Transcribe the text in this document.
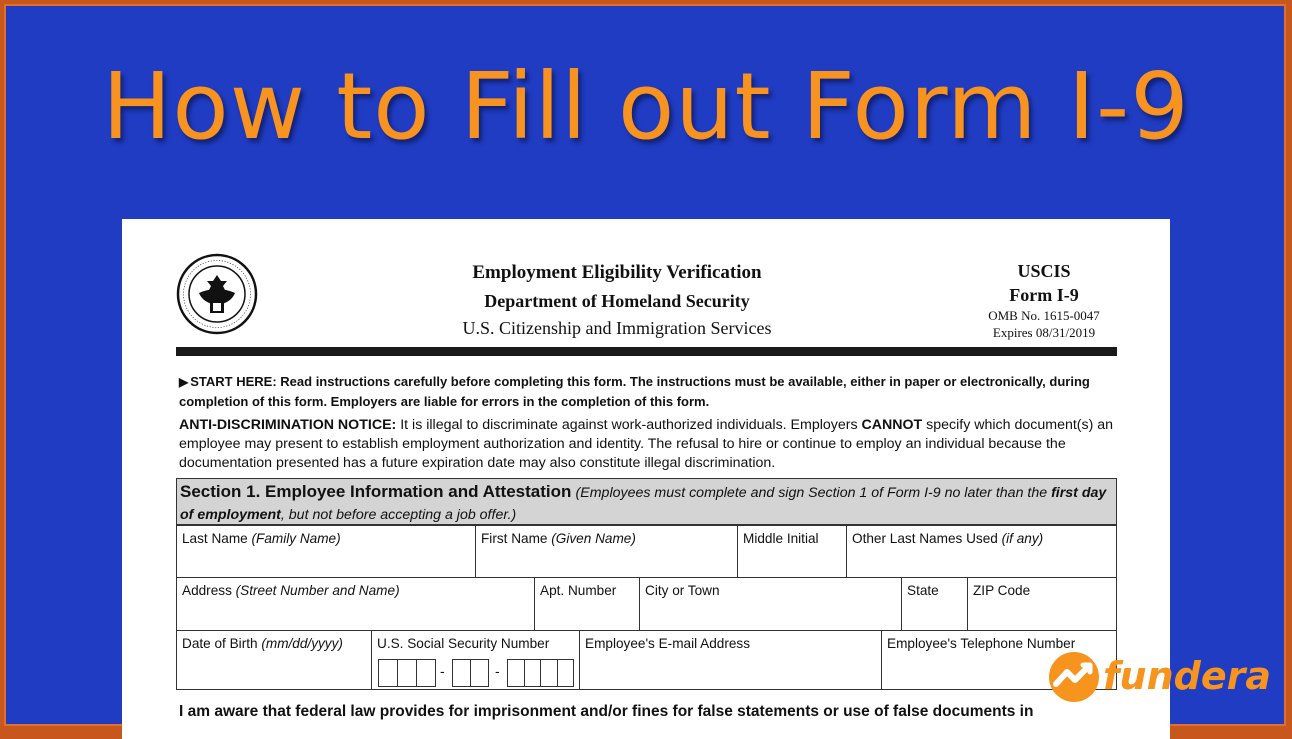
How to Fill out Form I-9
Employment Eligibility Verification
Department of Homeland Security
U.S. Citizenship and Immigration Services
USCIS
Form I-9
OMB No. 1615-0047
Expires 08/31/2019
▶ START HERE: Read instructions carefully before completing this form. The instructions must be available, either in paper or electronically, during completion of this form. Employers are liable for errors in the completion of this form.
ANTI-DISCRIMINATION NOTICE: It is illegal to discriminate against work-authorized individuals. Employers CANNOT specify which document(s) an employee may present to establish employment authorization and identity. The refusal to hire or continue to employ an individual because the documentation presented has a future expiration date may also constitute illegal discrimination.
Section 1. Employee Information and Attestation (Employees must complete and sign Section 1 of Form I-9 no later than the first day of employment, but not before accepting a job offer.)
Last Name (Family Name)	First Name (Given Name)	Middle Initial	Other Last Names Used (if any)
Address (Street Number and Name)	Apt. Number	City or Town	State	ZIP Code
Date of Birth (mm/dd/yyyy)	U.S. Social Security Number	Employee's E-mail Address	Employee's Telephone Number
-	-
I am aware that federal law provides for imprisonment and/or fines for false statements or use of false documents in
fundera
